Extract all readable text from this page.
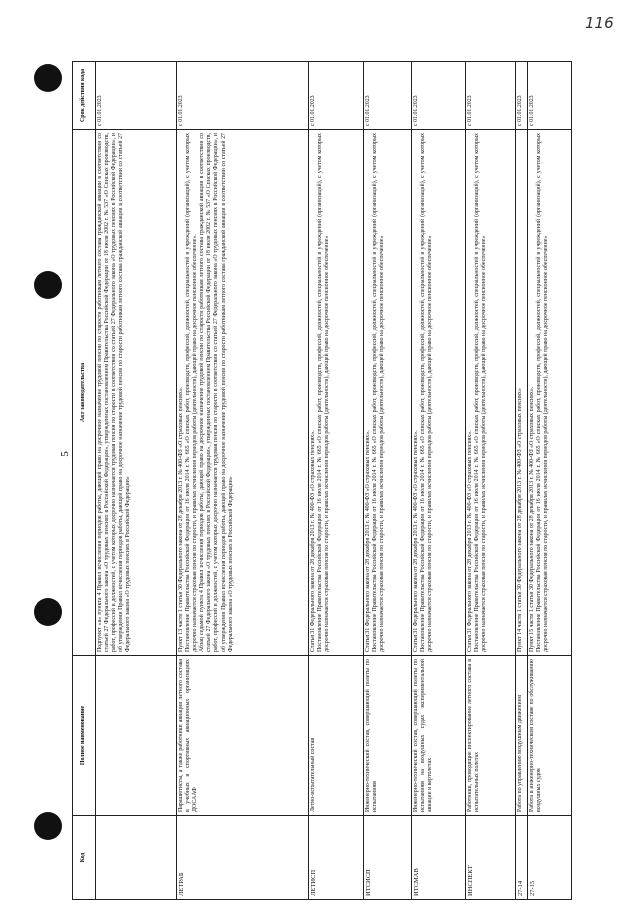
116
5
Код	Полное наименование	Акт законодательства	Срок действия кода

		Подпункт «а» пункта 4 Правил исчисления периодов работы, дающей право на досрочное назначение трудовой пенсии по старости работникам летного состава гражданской авиации в соответствии со статьей 27 Федерального закона «О трудовых пенсиях в Российской Федерации», утвержденных постановлением Правительства Российской Федерации от 18 июля 2002 г. № 537 «О Списках производств, работ, профессий и должностей, с учетом которых досрочно назначается трудовая пенсия по старости в соответствии со статьей 27 Федерального закона «О трудовых пенсиях в Российской Федерации», и об утверждении Правил исчисления периодов работы, дающей право на досрочное назначение трудовой пенсии по старости работникам летного состава гражданской авиации в соответствии со статьей 27 Федерального закона «О трудовых пенсиях в Российской Федерации»	с 01.01.2023
ЛЕТРАБ	Парашютисты, а также работники авиации летного состава в учебных и спортивных авиационных организациях ДОСААФ	Пункт 13 части 1 статьи 30 Федерального закона от 28 декабря 2013 г. № 400-ФЗ «О страховых пенсиях». Постановление Правительства Российской Федерации от 16 июля 2014 г. № 665 «О списках работ, производств, профессий, должностей, специальностей и учреждений (организаций), с учетом которых досрочно назначается страховая пенсия по старости, и правилах исчисления периодов работы (деятельности), дающей право на досрочное пенсионное обеспечение». Абзац седьмой пункта 4 Правил исчисления периодов работы, дающей право на досрочное назначение трудовой пенсии по старости работникам летного состава гражданской авиации в соответствии со статьей 27 Федерального закона «О трудовых пенсиях в Российской Федерации», утвержденных постановлением Правительства Российской Федерации от 18 июля 2002 г. № 537 «О Списках производств, работ, профессий и должностей, с учетом которых досрочно назначается трудовая пенсия по старости в соответствии со статьей 27 Федерального закона «О трудовых пенсиях в Российской Федерации», и об утверждении Правил исчисления периодов работы, дающей право на досрочное назначение трудовой пенсии по старости работникам летного состава гражданской авиации в соответствии со статьей 27 Федерального закона «О трудовых пенсиях в Российской Федерации»	с 01.01.2023
ЛЕТИСП	Летно-испытательный состав	Статья 31 Федерального закона от 28 декабря 2013 г. № 400-ФЗ «О страховых пенсиях». Постановление Правительства Российской Федерации от 16 июля 2014 г. № 665 «О списках работ, производств, профессий, должностей, специальностей и учреждений (организаций), с учетом которых досрочно назначается страховая пенсия по старости, и правилах исчисления периодов работы (деятельности), дающей право на досрочное пенсионное обеспечение»	с 01.01.2023
ИТСИСП	Инженерно-технический состав, совершающий полеты по испытаниям	Статья 31 Федерального закона от 28 декабря 2013 г. № 400-ФЗ «О страховых пенсиях». Постановление Правительства Российской Федерации от 16 июля 2014 г. № 665 «О списках работ, производств, профессий, должностей, специальностей и учреждений (организаций), с учетом которых досрочно назначается страховая пенсия по старости, и правилах исчисления периодов работы (деятельности), дающей право на досрочное пенсионное обеспечение»	с 01.01.2023
ИТСМАВ	Инженерно-технический состав, совершающий полеты по испытаниям на воздушных судах экспериментальной авиации и вертолетах	Статья 31 Федерального закона от 28 декабря 2013 г. № 400-ФЗ «О страховых пенсиях». Постановление Правительства Российской Федерации от 16 июля 2014 г. № 665 «О списках работ, производств, профессий, должностей, специальностей и учреждений (организаций), с учетом которых досрочно назначается страховая пенсия по старости, и правилах исчисления периодов работы (деятельности), дающей право на досрочное пенсионное обеспечение»	с 01.01.2023
ИНСПЕКТ	Работники, проводящие инспектирование летного состава в испытательных полетах	Статья 31 Федерального закона от 28 декабря 2013 г. № 400-ФЗ «О страховых пенсиях». Постановление Правительства Российской Федерации от 16 июля 2014 г. № 665 «О списках работ, производств, профессий, должностей, специальностей и учреждений (организаций), с учетом которых досрочно назначается страховая пенсия по старости, и правилах исчисления периодов работы (деятельности), дающей право на досрочное пенсионное обеспечение»	с 01.01.2023
27-14	Работа по управлению воздушным движением	Пункт 14 части 1 статьи 30 Федерального закона от 28 декабря 2013 г. № 400-ФЗ «О страховых пенсиях»	с 01.01.2023
27-15	Работа в инженерно-техническом составе по обслуживанию воздушных судов	Пункт 15 части 1 статьи 30 Федерального закона от 28 декабря 2013 г. № 400-ФЗ «О страховых пенсиях». Постановление Правительства Российской Федерации от 16 июля 2014 г. № 665 «О списках работ, производств, профессий, должностей, специальностей и учреждений (организаций), с учетом которых досрочно назначается страховая пенсия по старости, и правилах исчисления периодов работы (деятельности), дающей право на досрочное пенсионное обеспечение»	с 01.01.2023
